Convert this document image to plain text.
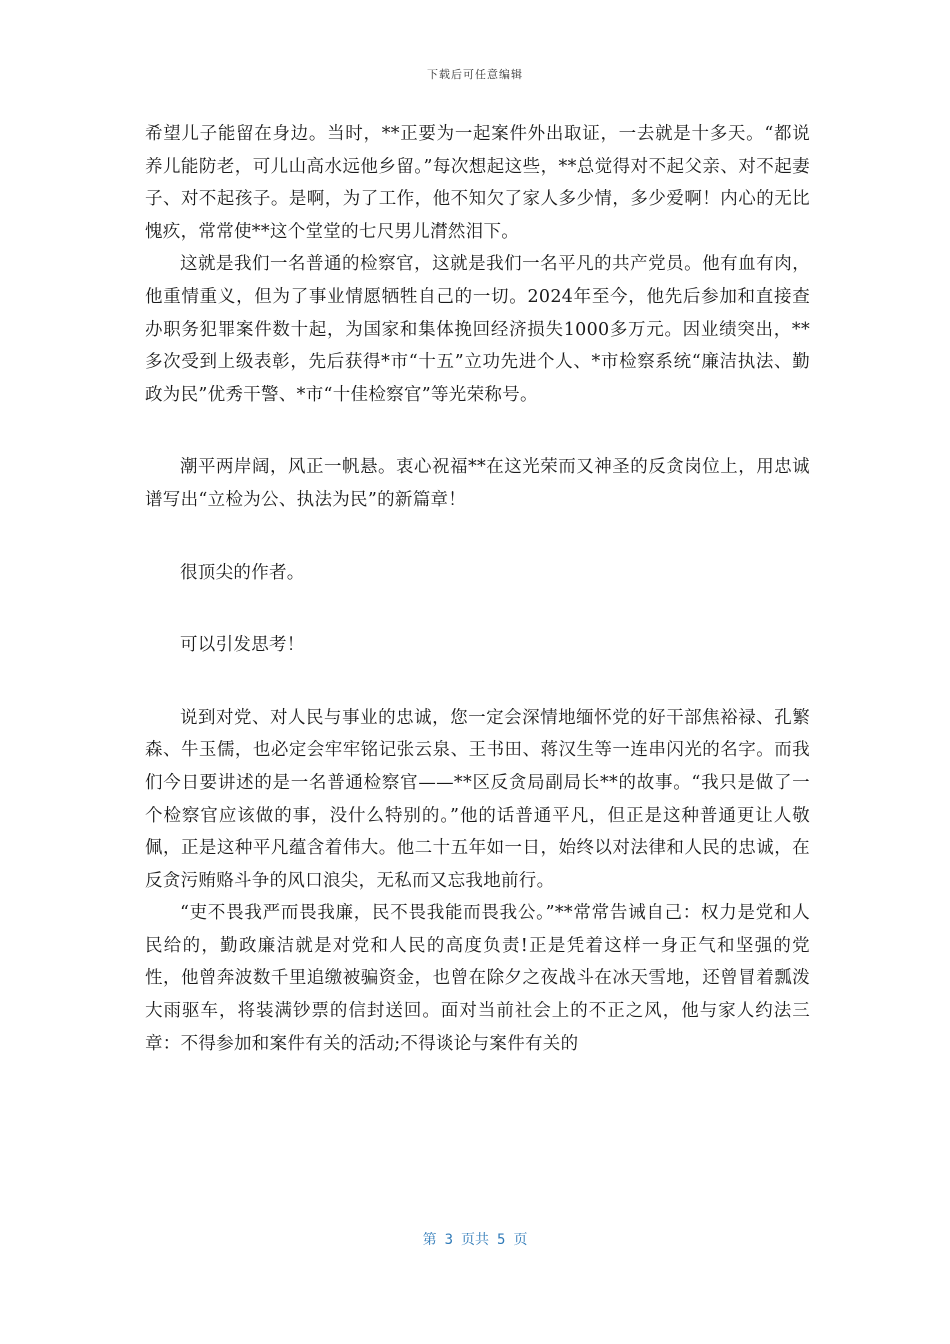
下载后可任意编辑

希望儿子能留在身边。当时，**正要为一起案件外出取证，一去就是十多天。“都说养儿能防老，可儿山高水远他乡留。”每次想起这些，**总觉得对不起父亲、对不起妻子、对不起孩子。是啊，为了工作，他不知欠了家人多少情，多少爱啊！内心的无比愧疚，常常使**这个堂堂的七尺男儿潸然泪下。

这就是我们一名普通的检察官，这就是我们一名平凡的共产党员。他有血有肉，他重情重义，但为了事业情愿牺牲自己的一切。2024年至今，他先后参加和直接查办职务犯罪案件数十起，为国家和集体挽回经济损失1000多万元。因业绩突出，**多次受到上级表彰，先后获得*市“十五”立功先进个人、*市检察系统“廉洁执法、勤政为民”优秀干警、*市“十佳检察官”等光荣称号。

潮平两岸阔，风正一帆悬。衷心祝福**在这光荣而又神圣的反贪岗位上，用忠诚谱写出“立检为公、执法为民”的新篇章！

很顶尖的作者。

可以引发思考！

说到对党、对人民与事业的忠诚，您一定会深情地缅怀党的好干部焦裕禄、孔繁森、牛玉儒，也必定会牢牢铭记张云泉、王书田、蒋汉生等一连串闪光的名字。而我们今日要讲述的是一名普通检察官——**区反贪局副局长**的故事。“我只是做了一个检察官应该做的事，没什么特别的。”他的话普通平凡，但正是这种普通更让人敬佩，正是这种平凡蕴含着伟大。他二十五年如一日，始终以对法律和人民的忠诚，在反贪污贿赂斗争的风口浪尖，无私而又忘我地前行。

“吏不畏我严而畏我廉，民不畏我能而畏我公。”**常常告诫自己：权力是党和人民给的，勤政廉洁就是对党和人民的高度负责!正是凭着这样一身正气和坚强的党性，他曾奔波数千里追缴被骗资金，也曾在除夕之夜战斗在冰天雪地，还曾冒着瓢泼大雨驱车，将装满钞票的信封送回。面对当前社会上的不正之风，他与家人约法三章：不得参加和案件有关的活动;不得谈论与案件有关的

第 3 页共 5 页
